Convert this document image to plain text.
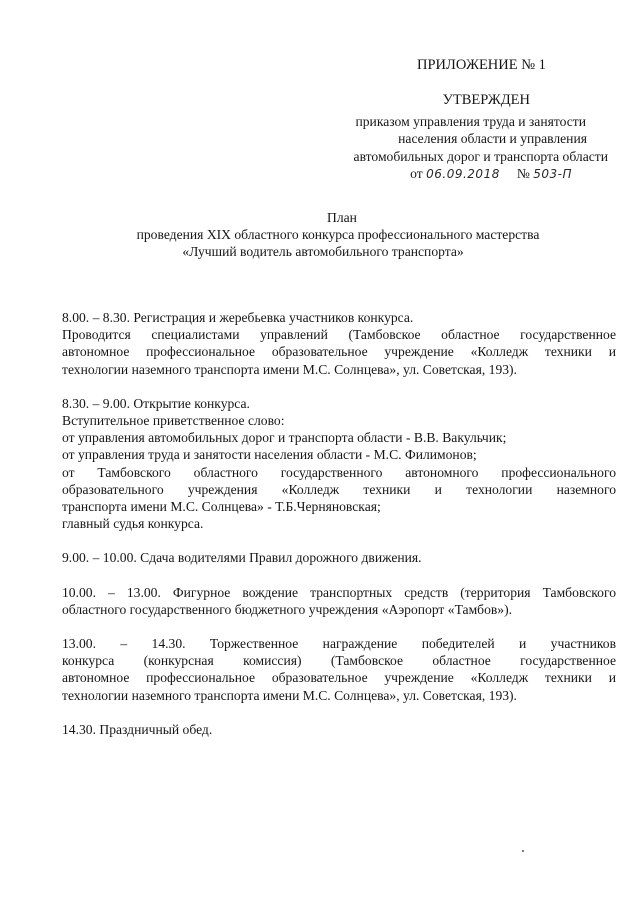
ПРИЛОЖЕНИЕ № 1
УТВЕРЖДЕН
приказом управления труда и занятости
населения области и управления
автомобильных дорог и транспорта области
от 06.09.2018 № 503-П
План
проведения XIX областного конкурса профессионального мастерства
«Лучший водитель автомобильного транспорта»
8.00. – 8.30. Регистрация и жеребьевка участников конкурса.
Проводится специалистами управлений (Тамбовское областное государственное
автономное профессиональное образовательное учреждение «Колледж техники и
технологии наземного транспорта имени М.С. Солнцева», ул. Советская, 193).
8.30. – 9.00. Открытие конкурса.
Вступительное приветственное слово:
от управления автомобильных дорог и транспорта области - В.В. Вакульчик;
от управления труда и занятости населения области - М.С. Филимонов;
от Тамбовского областного государственного автономного профессионального
образовательного учреждения «Колледж техники и технологии наземного
транспорта имени М.С. Солнцева» - Т.Б.Черняновская;
главный судья конкурса.
9.00. – 10.00. Сдача водителями Правил дорожного движения.
10.00. – 13.00. Фигурное вождение транспортных средств (территория Тамбовского
областного государственного бюджетного учреждения «Аэропорт «Тамбов»).
13.00. – 14.30. Торжественное награждение победителей и участников
конкурса (конкурсная комиссия) (Тамбовское областное государственное
автономное профессиональное образовательное учреждение «Колледж техники и
технологии наземного транспорта имени М.С. Солнцева», ул. Советская, 193).
14.30. Праздничный обед.
